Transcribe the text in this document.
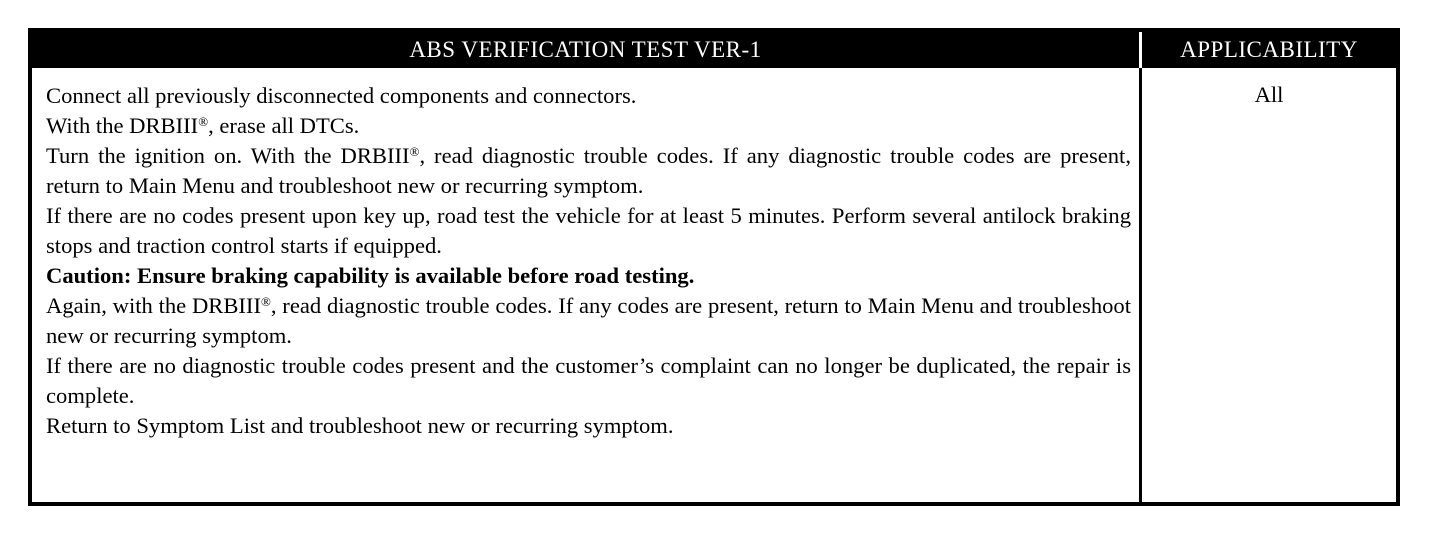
ABS VERIFICATION TEST VER-1	APPLICABILITY

Connect all previously disconnected components and connectors.

With the DRBIII®, erase all DTCs.

Turn the ignition on. With the DRBIII®, read diagnostic trouble codes. If any diagnostic trouble codes are present, return to Main Menu and troubleshoot new or recurring symptom.

If there are no codes present upon key up, road test the vehicle for at least 5 minutes. Perform several antilock braking stops and traction control starts if equipped.

Caution: Ensure braking capability is available before road testing.

Again, with the DRBIII®, read diagnostic trouble codes. If any codes are present, return to Main Menu and troubleshoot new or recurring symptom.

If there are no diagnostic trouble codes present and the customer’s complaint can no longer be duplicated, the repair is complete.

Return to Symptom List and troubleshoot new or recurring symptom.

All
